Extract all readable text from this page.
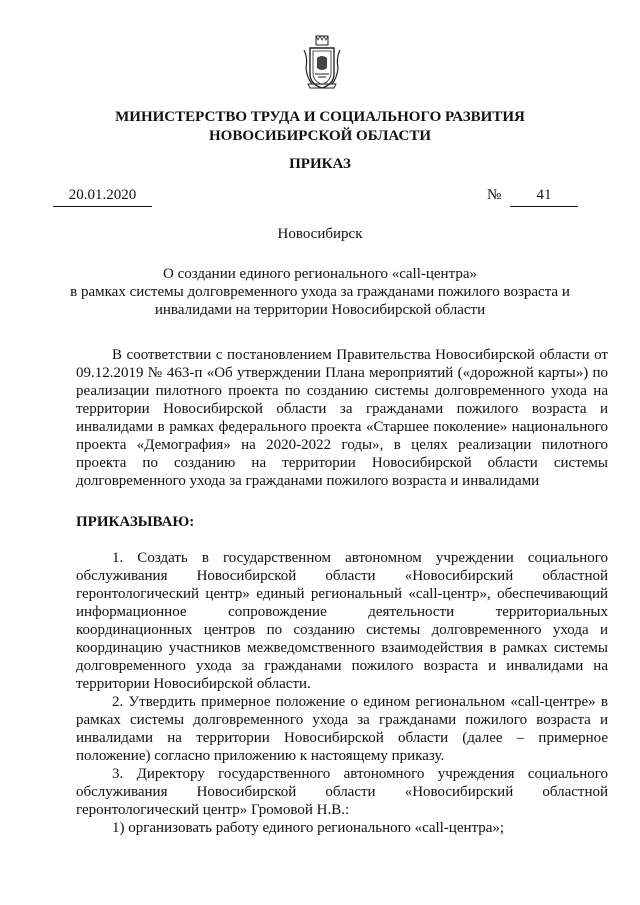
МИНИСТЕРСТВО ТРУДА И СОЦИАЛЬНОГО РАЗВИТИЯ
НОВОСИБИРСКОЙ ОБЛАСТИ
ПРИКАЗ
20.01.2020	№	41
Новосибирск
О создании единого регионального «call-центра»
в рамках системы долговременного ухода за гражданами пожилого возраста и
инвалидами на территории Новосибирской области

В соответствии с постановлением Правительства Новосибирской области от 09.12.2019 № 463-п «Об утверждении Плана мероприятий («дорожной карты») по реализации пилотного проекта по созданию системы долговременного ухода на территории Новосибирской области за гражданами пожилого возраста и инвалидами в рамках федерального проекта «Старшее поколение» национального проекта «Демография» на 2020-2022 годы», в целях реализации пилотного проекта по созданию на территории Новосибирской области системы долговременного ухода за гражданами пожилого возраста и инвалидами

ПРИКАЗЫВАЮ:

1. Создать в государственном автономном учреждении социального обслуживания Новосибирской области «Новосибирский областной геронтологический центр» единый региональный «call-центр», обеспечивающий информационное сопровождение деятельности территориальных координационных центров по созданию системы долговременного ухода и координацию участников межведомственного взаимодействия в рамках системы долговременного ухода за гражданами пожилого возраста и инвалидами на территории Новосибирской области.

2. Утвердить примерное положение о едином региональном «call-центре» в рамках системы долговременного ухода за гражданами пожилого возраста и инвалидами на территории Новосибирской области (далее – примерное положение) согласно приложению к настоящему приказу.

3. Директору государственного автономного учреждения социального обслуживания Новосибирской области «Новосибирский областной геронтологический центр» Громовой Н.В.:

1) организовать работу единого регионального «call-центра»;
